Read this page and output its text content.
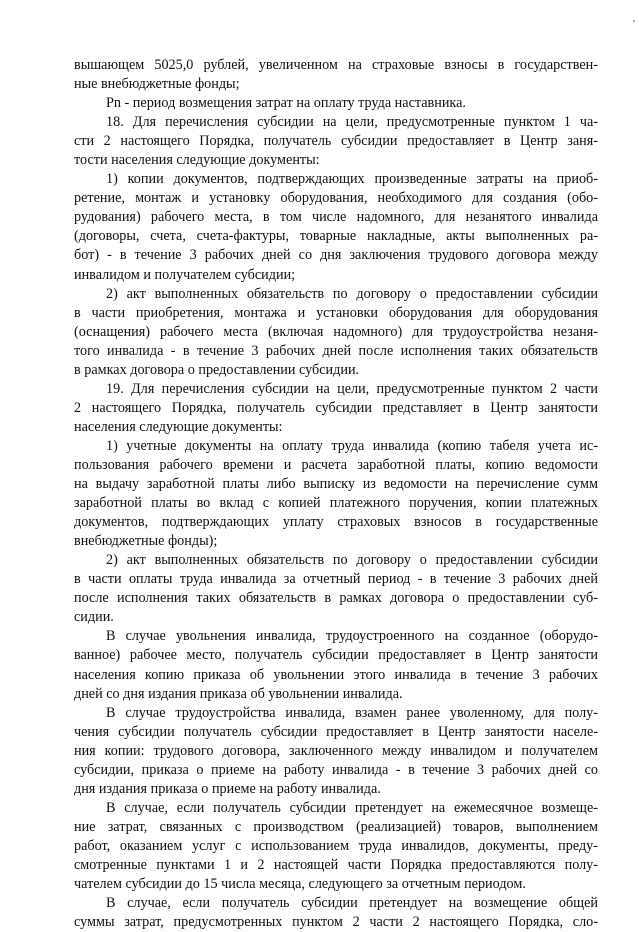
вышающем 5025,0 рублей, увеличенном на страховые взносы в государствен-
ные внебюджетные фонды;
Pn - период возмещения затрат на оплату труда наставника.
18. Для перечисления субсидии на цели, предусмотренные пунктом 1 ча-
сти 2 настоящего Порядка, получатель субсидии предоставляет в Центр заня-
тости населения следующие документы:
1) копии документов, подтверждающих произведенные затраты на приоб-
ретение, монтаж и установку оборудования, необходимого для создания (обо-
рудования) рабочего места, в том числе надомного, для незанятого инвалида
(договоры, счета, счета-фактуры, товарные накладные, акты выполненных ра-
бот) - в течение 3 рабочих дней со дня заключения трудового договора между
инвалидом и получателем субсидии;
2) акт выполненных обязательств по договору о предоставлении субсидии
в части приобретения, монтажа и установки оборудования для оборудования
(оснащения) рабочего места (включая надомного) для трудоустройства незаня-
того инвалида - в течение 3 рабочих дней после исполнения таких обязательств
в рамках договора о предоставлении субсидии.
19. Для перечисления субсидии на цели, предусмотренные пунктом 2 части
2 настоящего Порядка, получатель субсидии представляет в Центр занятости
населения следующие документы:
1) учетные документы на оплату труда инвалида (копию табеля учета ис-
пользования рабочего времени и расчета заработной платы, копию ведомости
на выдачу заработной платы либо выписку из ведомости на перечисление сумм
заработной платы во вклад с копией платежного поручения, копии платежных
документов, подтверждающих уплату страховых взносов в государственные
внебюджетные фонды);
2) акт выполненных обязательств по договору о предоставлении субсидии
в части оплаты труда инвалида за отчетный период - в течение 3 рабочих дней
после исполнения таких обязательств в рамках договора о предоставлении суб-
сидии.
В случае увольнения инвалида, трудоустроенного на созданное (оборудо-
ванное) рабочее место, получатель субсидии предоставляет в Центр занятости
населения копию приказа об увольнении этого инвалида в течение 3 рабочих
дней со дня издания приказа об увольнении инвалида.
В случае трудоустройства инвалида, взамен ранее уволенному, для полу-
чения субсидии получатель субсидии предоставляет в Центр занятости населе-
ния копии: трудового договора, заключенного между инвалидом и получателем
субсидии, приказа о приеме на работу инвалида - в течение 3 рабочих дней со
дня издания приказа о приеме на работу инвалида.
В случае, если получатель субсидии претендует на ежемесячное возмеще-
ние затрат, связанных с производством (реализацией) товаров, выполнением
работ, оказанием услуг с использованием труда инвалидов, документы, преду-
смотренные пунктами 1 и 2 настоящей части Порядка предоставляются полу-
чателем субсидии до 15 числа месяца, следующего за отчетным периодом.
В случае, если получатель субсидии претендует на возмещение общей
суммы затрат, предусмотренных пунктом 2 части 2 настоящего Порядка, сло-
